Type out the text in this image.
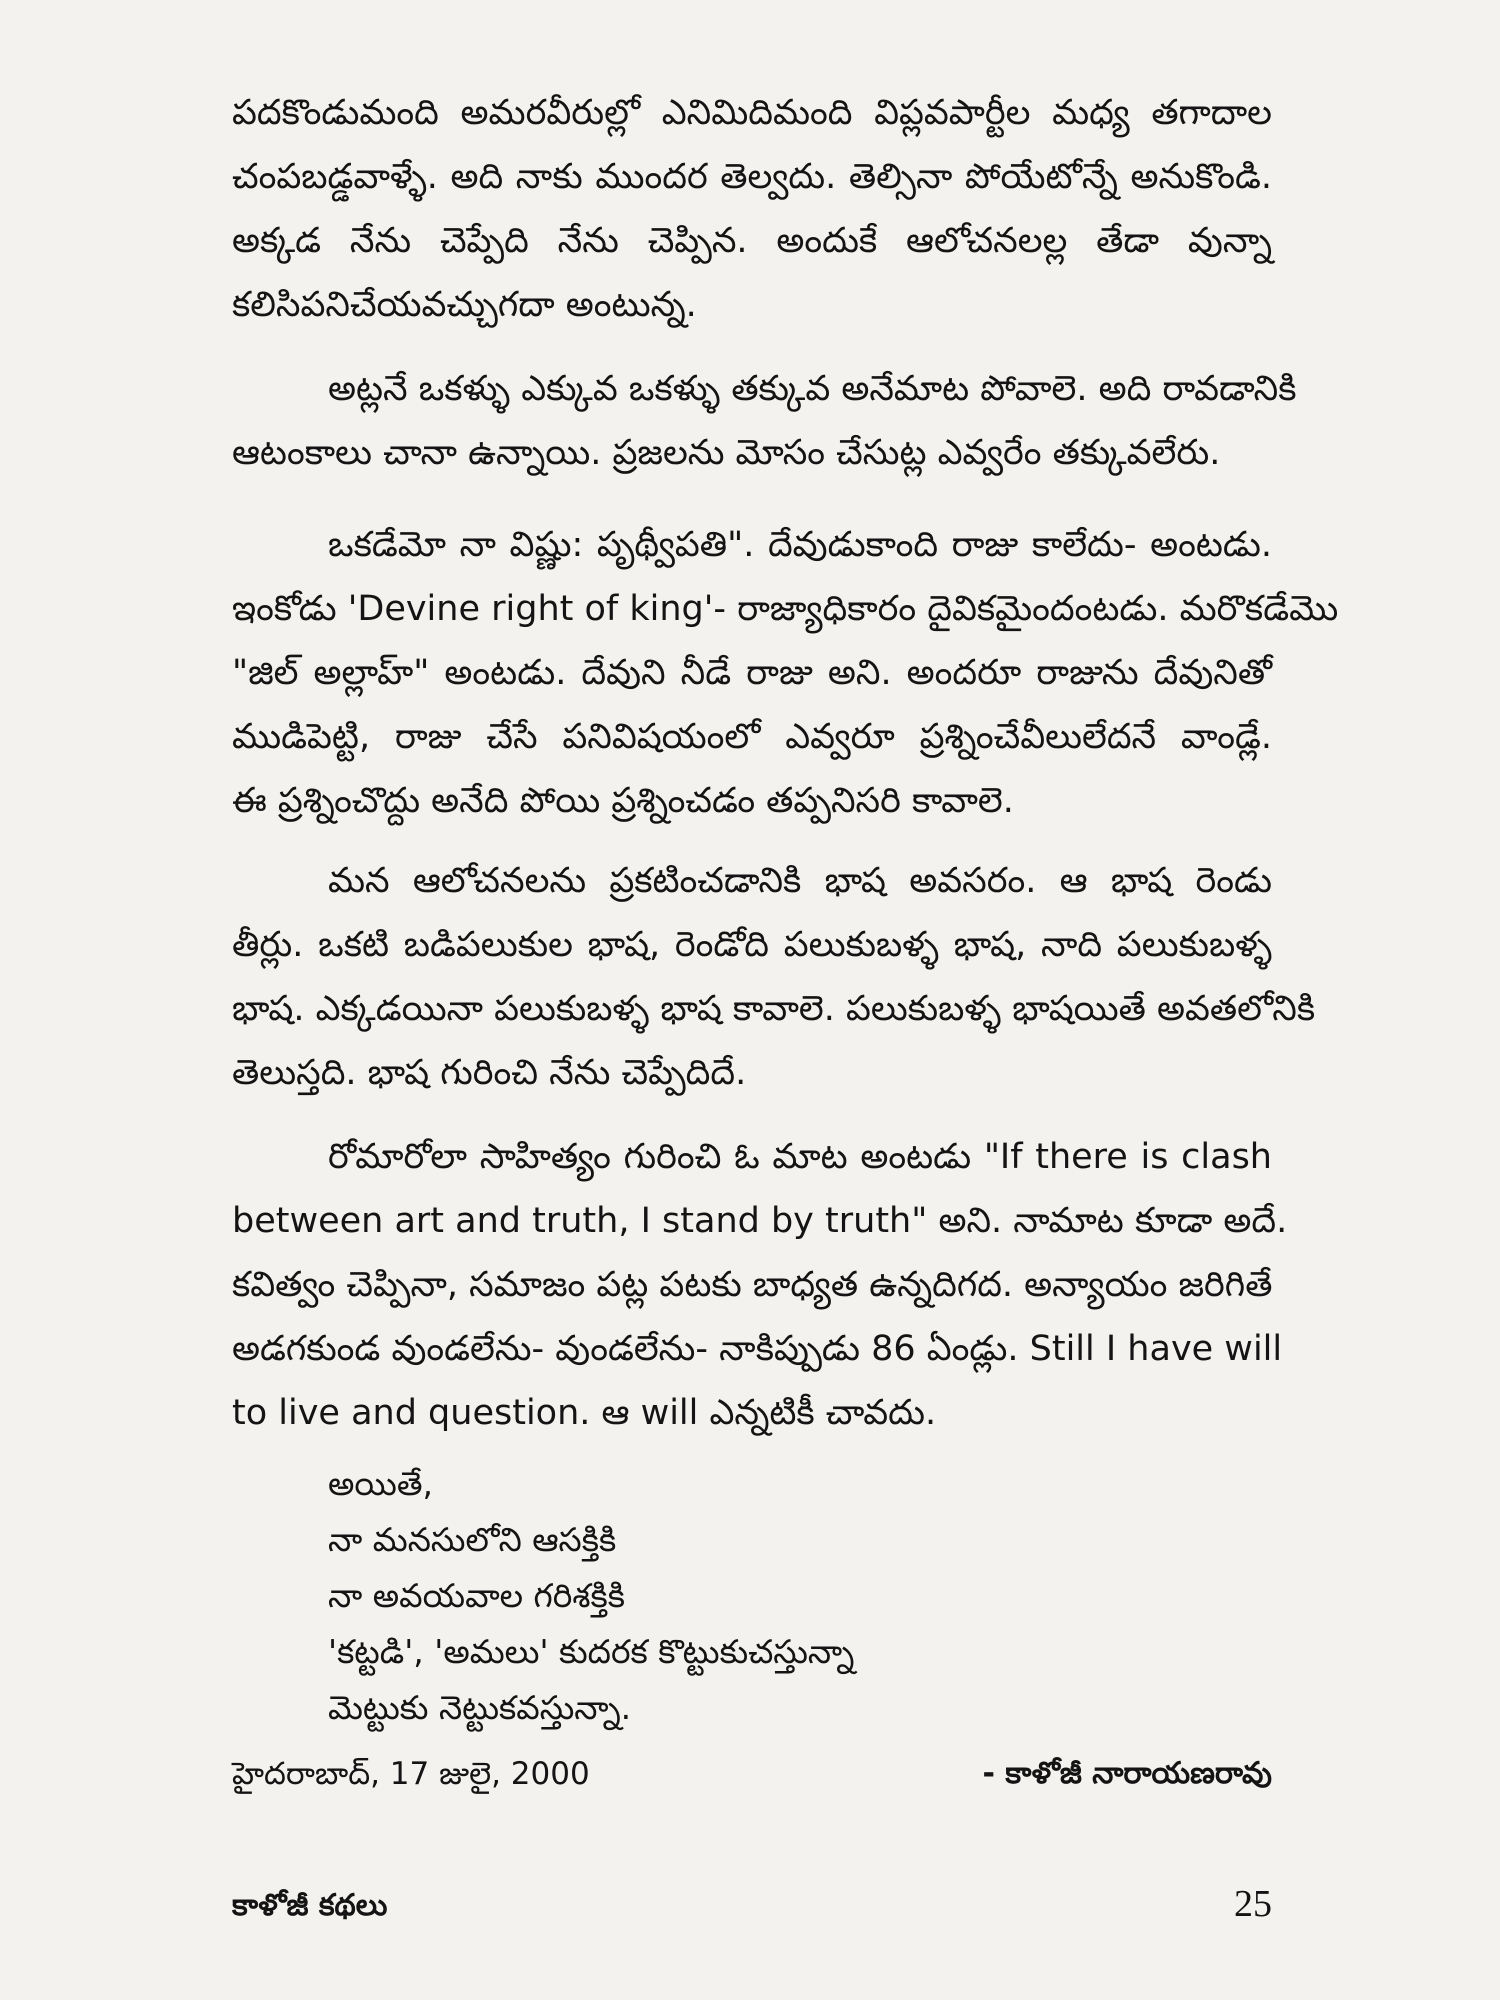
పదకొండుమంది అమరవీరుల్లో ఎనిమిదిమంది విప్లవపార్టీల మధ్య తగాదాల
చంపబడ్డవాళ్ళే. అది నాకు ముందర తెల్వదు. తెల్సినా పోయేటోన్నే అనుకొండి.
అక్కడ నేను చెప్పేది నేను చెప్పిన. అందుకే ఆలోచనలల్ల తేడా వున్నా
కలిసిపనిచేయవచ్చుగదా అంటున్న.
అట్లనే ఒకళ్ళు ఎక్కువ ఒకళ్ళు తక్కువ అనేమాట పోవాలె. అది రావడానికి
ఆటంకాలు చానా ఉన్నాయి. ప్రజలను మోసం చేసుట్ల ఎవ్వరేం తక్కువలేరు.
ఒకడేమో నా విష్ణు: పృథ్వీపతి". దేవుడుకాంది రాజు కాలేదు- అంటడు.
ఇంకోడు 'Devine right of king'- రాజ్యాధికారం దైవికమైందంటడు. మరొకడేమొ
"జిల్ అల్లాహ్" అంటడు. దేవుని నీడే రాజు అని. అందరూ రాజును దేవునితో
ముడిపెట్టి, రాజు చేసే పనివిషయంలో ఎవ్వరూ ప్రశ్నించేవీలులేదనే వాండ్లే.
ఈ ప్రశ్నించొద్దు అనేది పోయి ప్రశ్నించడం తప్పనిసరి కావాలె.
మన ఆలోచనలను ప్రకటించడానికి భాష అవసరం. ఆ భాష రెండు
తీర్లు. ఒకటి బడిపలుకుల భాష, రెండోది పలుకుబళ్ళ భాష, నాది పలుకుబళ్ళ
భాష. ఎక్కడయినా పలుకుబళ్ళ భాష కావాలె. పలుకుబళ్ళ భాషయితే అవతలోనికి
తెలుస్తది. భాష గురించి నేను చెప్పేదిదే.
రోమారోలా సాహిత్యం గురించి ఓ మాట అంటడు "If there is clash
between art and truth, I stand by truth" అని. నామాట కూడా అదే.
కవిత్వం చెప్పినా, సమాజం పట్ల పటకు బాధ్యత ఉన్నదిగద. అన్యాయం జరిగితే
అడగకుండ వుండలేను- వుండలేను- నాకిప్పుడు 86 ఏండ్లు. Still I have will
to live and question. ఆ will ఎన్నటికీ చావదు.
అయితే,
నా మనసులోని ఆసక్తికి
నా అవయవాల గరిశక్తికి
'కట్టడి', 'అమలు' కుదరక కొట్టుకుచస్తున్నా
మెట్టుకు నెట్టుకవస్తున్నా.
హైదరాబాద్, 17 జులై, 2000	- కాళోజీ నారాయణరావు
కాళోజీ కథలు	25
